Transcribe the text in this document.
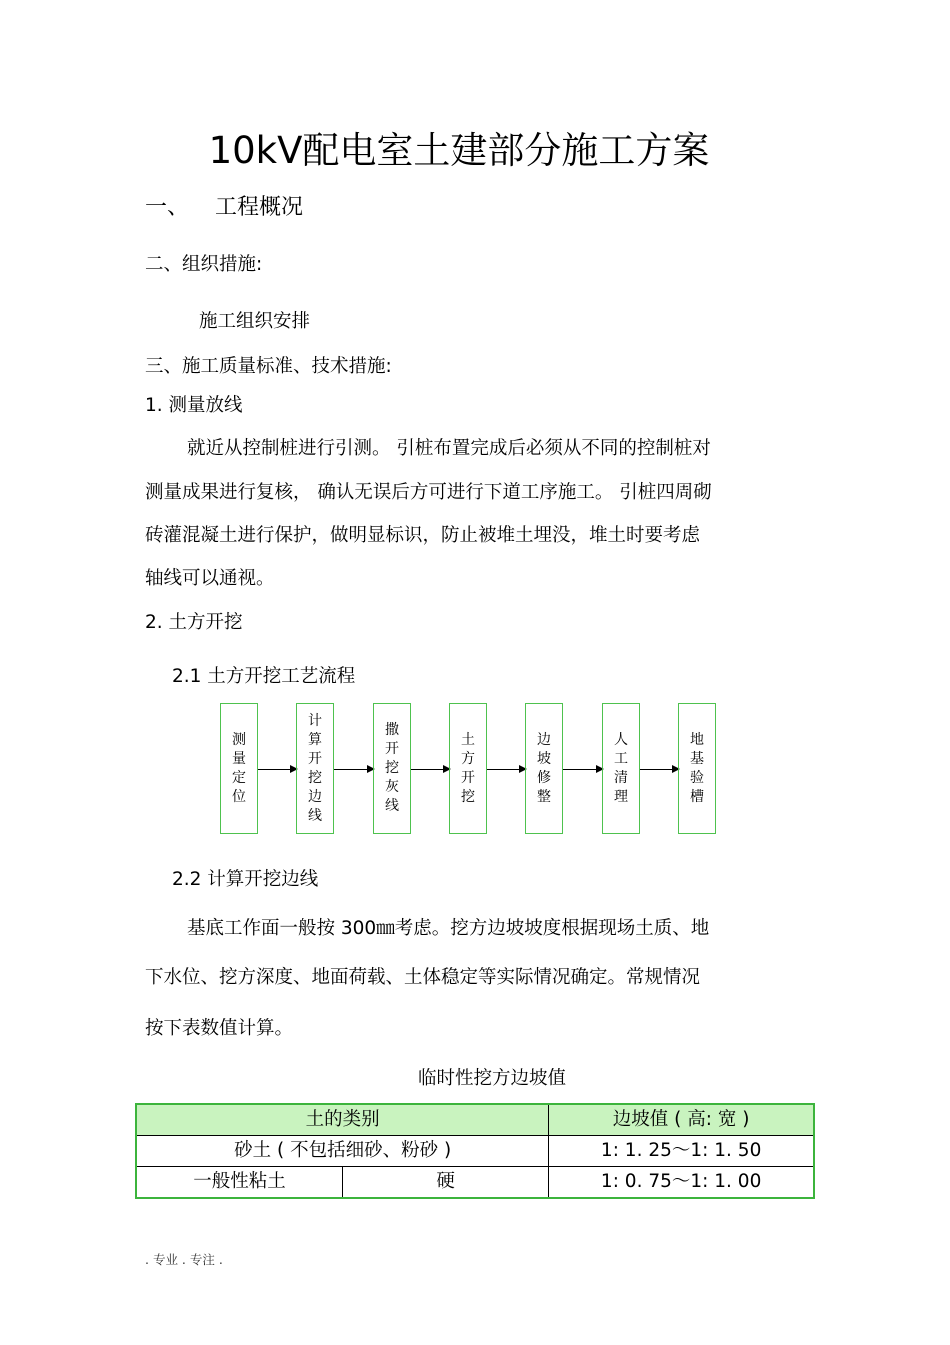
10kV配电室土建部分施工方案
一、 工程概况
二、组织措施:
施工组织安排
三、施工质量标准、技术措施:
1. 测量放线
就近从控制桩进行引测。 引桩布置完成后必须从不同的控制桩对
测量成果进行复核， 确认无误后方可进行下道工序施工。 引桩四周砌
砖灌混凝土进行保护，做明显标识，防止被堆土埋没，堆土时要考虑
轴线可以通视。
2. 土方开挖
2.1 土方开挖工艺流程
测量定位
计算开挖边线
撒开挖灰线
土方开挖
边坡修整
人工清理
地基验槽
2.2 计算开挖边线
基底工作面一般按 300㎜考虑。挖方边坡坡度根据现场土质、地
下水位、挖方深度、地面荷载、土体稳定等实际情况确定。常规情况
按下表数值计算。
临时性挖方边坡值
土的类别		边坡值 ( 高: 宽 )
砂土 ( 不包括细砂、粉砂 )		1: 1. 25～1: 1. 50
一般性粘土	硬	1: 0. 75～1: 1. 00
. 专业 . 专注 .
